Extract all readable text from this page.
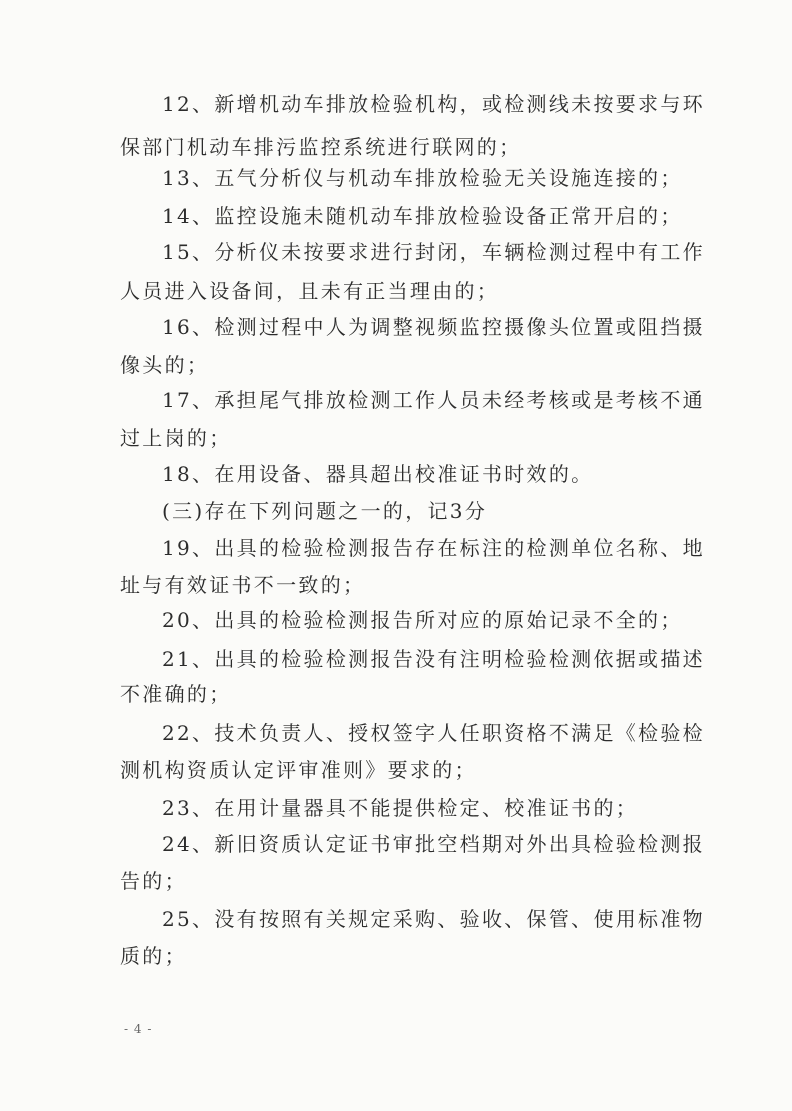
12、新增机动车排放检验机构，或检测线未按要求与环
保部门机动车排污监控系统进行联网的；
13、五气分析仪与机动车排放检验无关设施连接的；
14、监控设施未随机动车排放检验设备正常开启的；
15、分析仪未按要求进行封闭，车辆检测过程中有工作
人员进入设备间，且未有正当理由的；
16、检测过程中人为调整视频监控摄像头位置或阻挡摄
像头的；
17、承担尾气排放检测工作人员未经考核或是考核不通
过上岗的；
18、在用设备、器具超出校准证书时效的。
(三)存在下列问题之一的，记3分
19、出具的检验检测报告存在标注的检测单位名称、地
址与有效证书不一致的；
20、出具的检验检测报告所对应的原始记录不全的；
21、出具的检验检测报告没有注明检验检测依据或描述
不准确的；
22、技术负责人、授权签字人任职资格不满足《检验检
测机构资质认定评审准则》要求的；
23、在用计量器具不能提供检定、校准证书的；
24、新旧资质认定证书审批空档期对外出具检验检测报
告的；
25、没有按照有关规定采购、验收、保管、使用标准物
质的；
- 4 -
